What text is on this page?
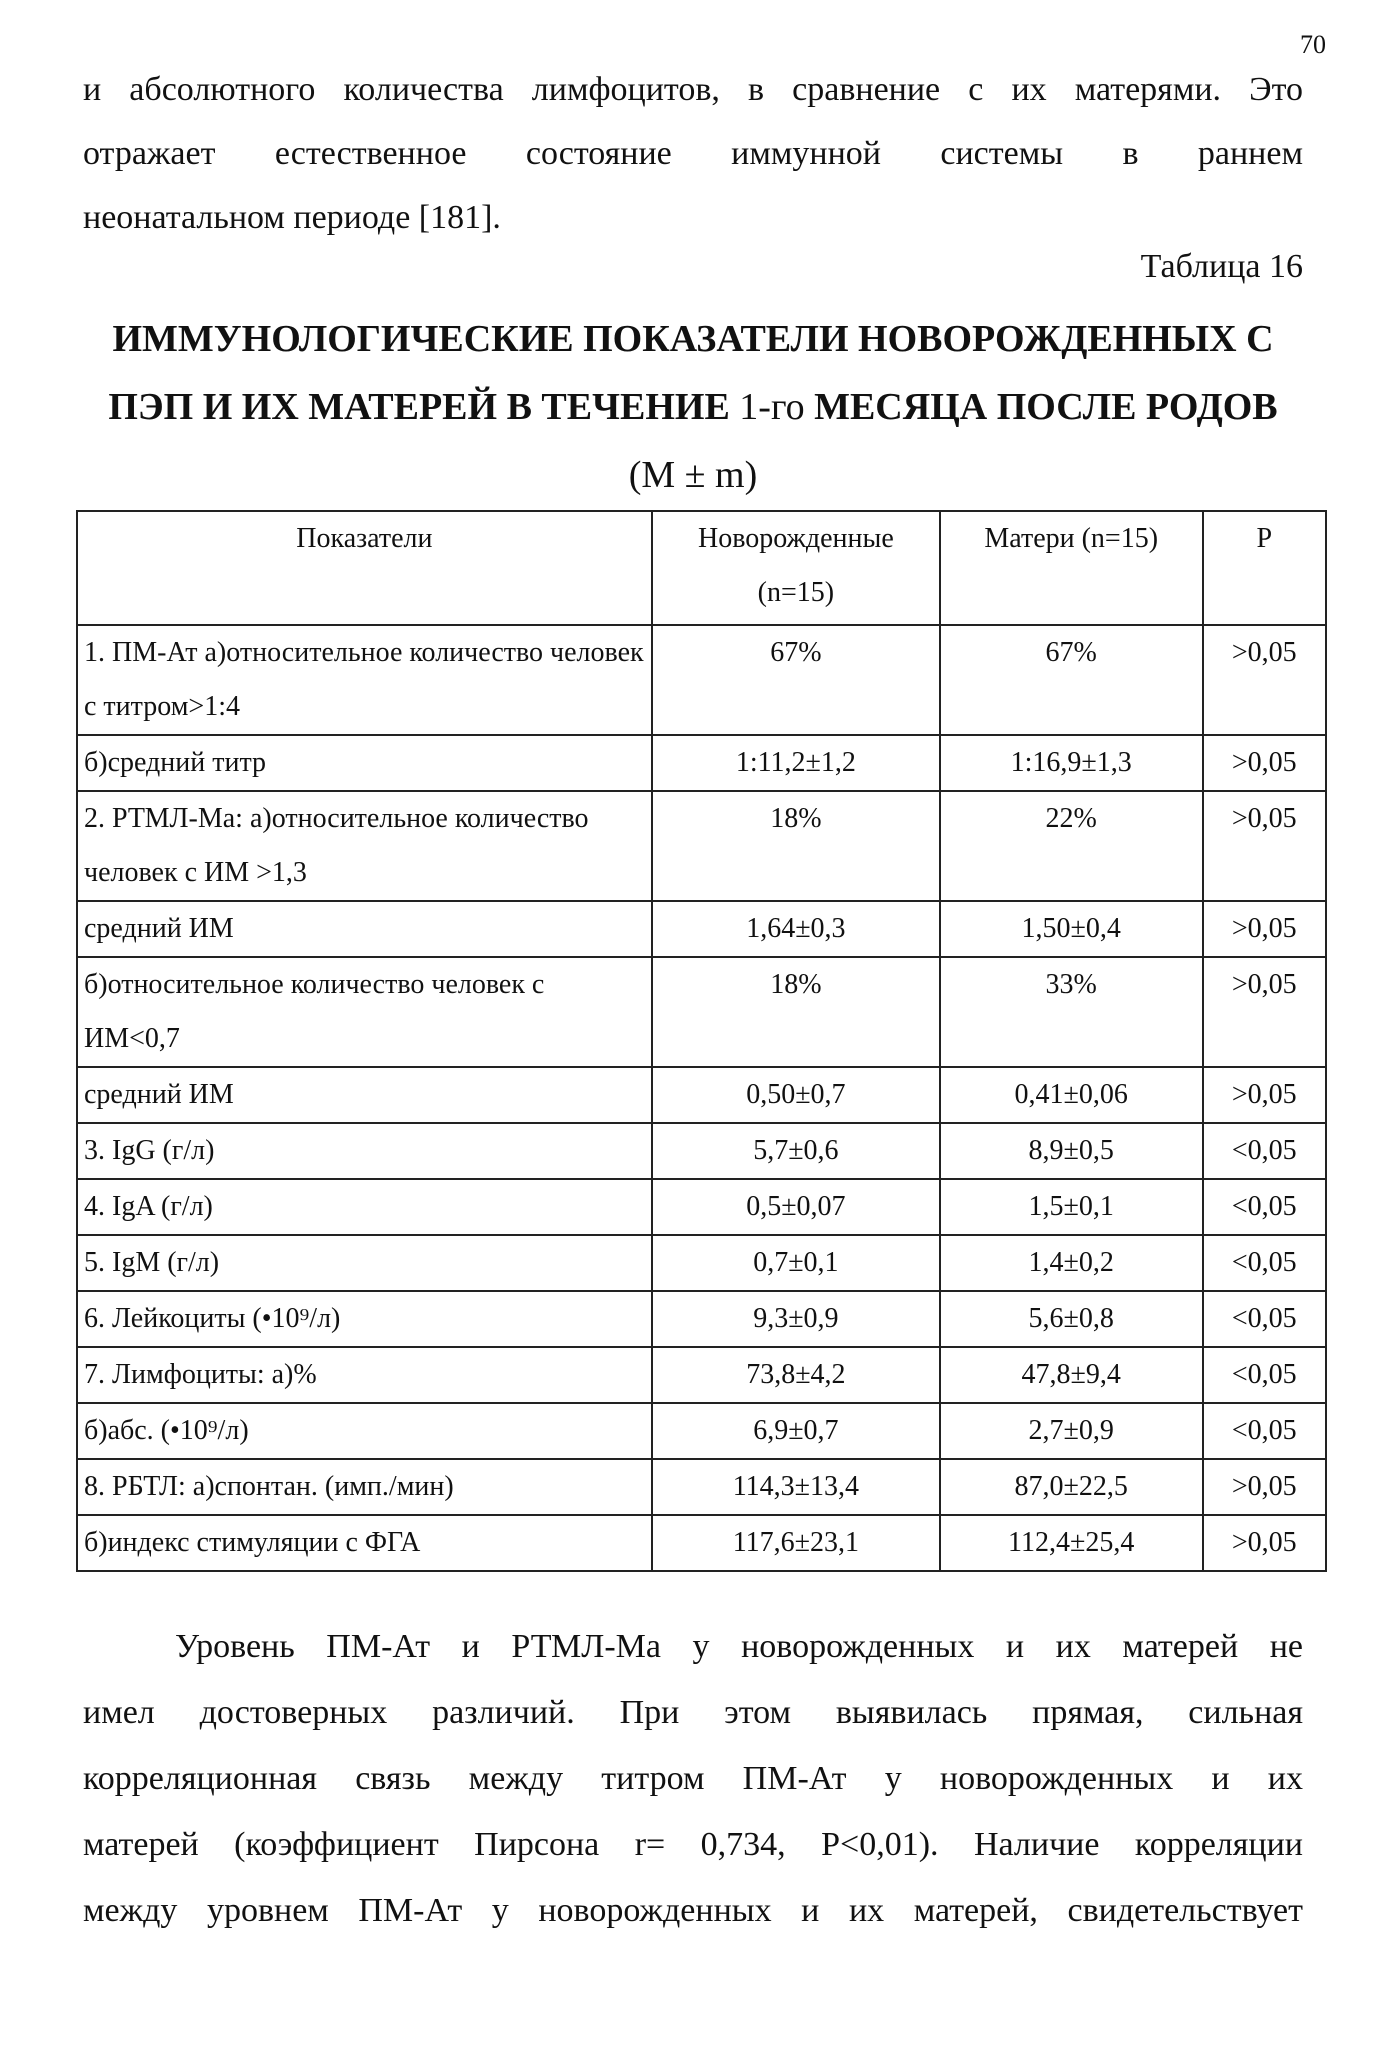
70
и абсолютного количества лимфоцитов, в сравнение с их матерями. Это
отражает естественное состояние иммунной системы в раннем
неонатальном периоде [181].
Таблица 16
ИММУНОЛОГИЧЕСКИЕ ПОКАЗАТЕЛИ НОВОРОЖДЕННЫХ С
ПЭП И ИХ МАТЕРЕЙ В ТЕЧЕНИЕ 1-го МЕСЯЦА ПОСЛЕ РОДОВ
(M ± m)
Показатели	Новорожденные (n=15)	Матери (n=15)	P
1. ПМ-Ат а)относительное количество человек с титром>1:4	67%	67%	>0,05
б)средний титр	1:11,2±1,2	1:16,9±1,3	>0,05
2. РТМЛ-Ма: а)относительное количество человек с ИМ >1,3	18%	22%	>0,05
средний ИМ	1,64±0,3	1,50±0,4	>0,05
б)относительное количество человек с ИМ<0,7	18%	33%	>0,05
средний ИМ	0,50±0,7	0,41±0,06	>0,05
3. IgG (г/л)	5,7±0,6	8,9±0,5	<0,05
4. IgA (г/л)	0,5±0,07	1,5±0,1	<0,05
5. IgM (г/л)	0,7±0,1	1,4±0,2	<0,05
6. Лейкоциты (•10⁹/л)	9,3±0,9	5,6±0,8	<0,05
7. Лимфоциты: а)%	73,8±4,2	47,8±9,4	<0,05
б)абс. (•10⁹/л)	6,9±0,7	2,7±0,9	<0,05
8. РБТЛ: а)спонтан. (имп./мин)	114,3±13,4	87,0±22,5	>0,05
б)индекс стимуляции с ФГА	117,6±23,1	112,4±25,4	>0,05
Уровень ПМ-Ат и РТМЛ-Ма у новорожденных и их матерей не
имел достоверных различий. При этом выявилась прямая, сильная
корреляционная связь между титром ПМ-Ат у новорожденных и их
матерей (коэффициент Пирсона r= 0,734, P<0,01). Наличие корреляции
между уровнем ПМ-Ат у новорожденных и их матерей, свидетельствует
